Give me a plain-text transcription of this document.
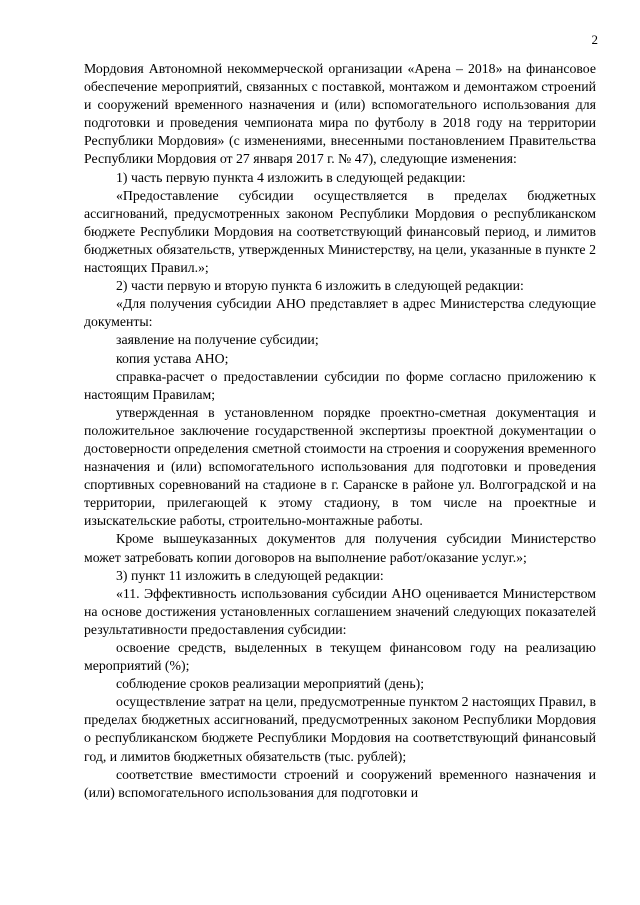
2

Мордовия Автономной некоммерческой организации «Арена – 2018» на финансовое обеспечение мероприятий, связанных с поставкой, монтажом и демонтажом строений и сооружений временного назначения и (или) вспомогательного использования для подготовки и проведения чемпионата мира по футболу в 2018 году на территории Республики Мордовия» (с изменениями, внесенными постановлением Правительства Республики Мордовия от 27 января 2017 г. № 47), следующие изменения:

1) часть первую пункта 4 изложить в следующей редакции:

«Предоставление субсидии осуществляется в пределах бюджетных ассигнований, предусмотренных законом Республики Мордовия о республиканском бюджете Республики Мордовия на соответствующий финансовый период, и лимитов бюджетных обязательств, утвержденных Министерству, на цели, указанные в пункте 2 настоящих Правил.»;

2) части первую и вторую пункта 6 изложить в следующей редакции:

«Для получения субсидии АНО представляет в адрес Министерства следующие документы:

заявление на получение субсидии;

копия устава АНО;

справка-расчет о предоставлении субсидии по форме согласно приложению к настоящим Правилам;

утвержденная в установленном порядке проектно-сметная документация и положительное заключение государственной экспертизы проектной документации о достоверности определения сметной стоимости на строения и сооружения временного назначения и (или) вспомогательного использования для подготовки и проведения спортивных соревнований на стадионе в г. Саранске в районе ул. Волгоградской и на территории, прилегающей к этому стадиону, в том числе на проектные и изыскательские работы, строительно-монтажные работы.

Кроме вышеуказанных документов для получения субсидии Министерство может затребовать копии договоров на выполнение работ/оказание услуг.»;

3) пункт 11 изложить в следующей редакции:

«11. Эффективность использования субсидии АНО оценивается Министерством на основе достижения установленных соглашением значений следующих показателей результативности предоставления субсидии:

освоение средств, выделенных в текущем финансовом году на реализацию мероприятий (%);

соблюдение сроков реализации мероприятий (день);

осуществление затрат на цели, предусмотренные пунктом 2 настоящих Правил, в пределах бюджетных ассигнований, предусмотренных законом Республики Мордовия о республиканском бюджете Республики Мордовия на соответствующий финансовый год, и лимитов бюджетных обязательств (тыс. рублей);

соответствие вместимости строений и сооружений временного назначения и (или) вспомогательного использования для подготовки и
